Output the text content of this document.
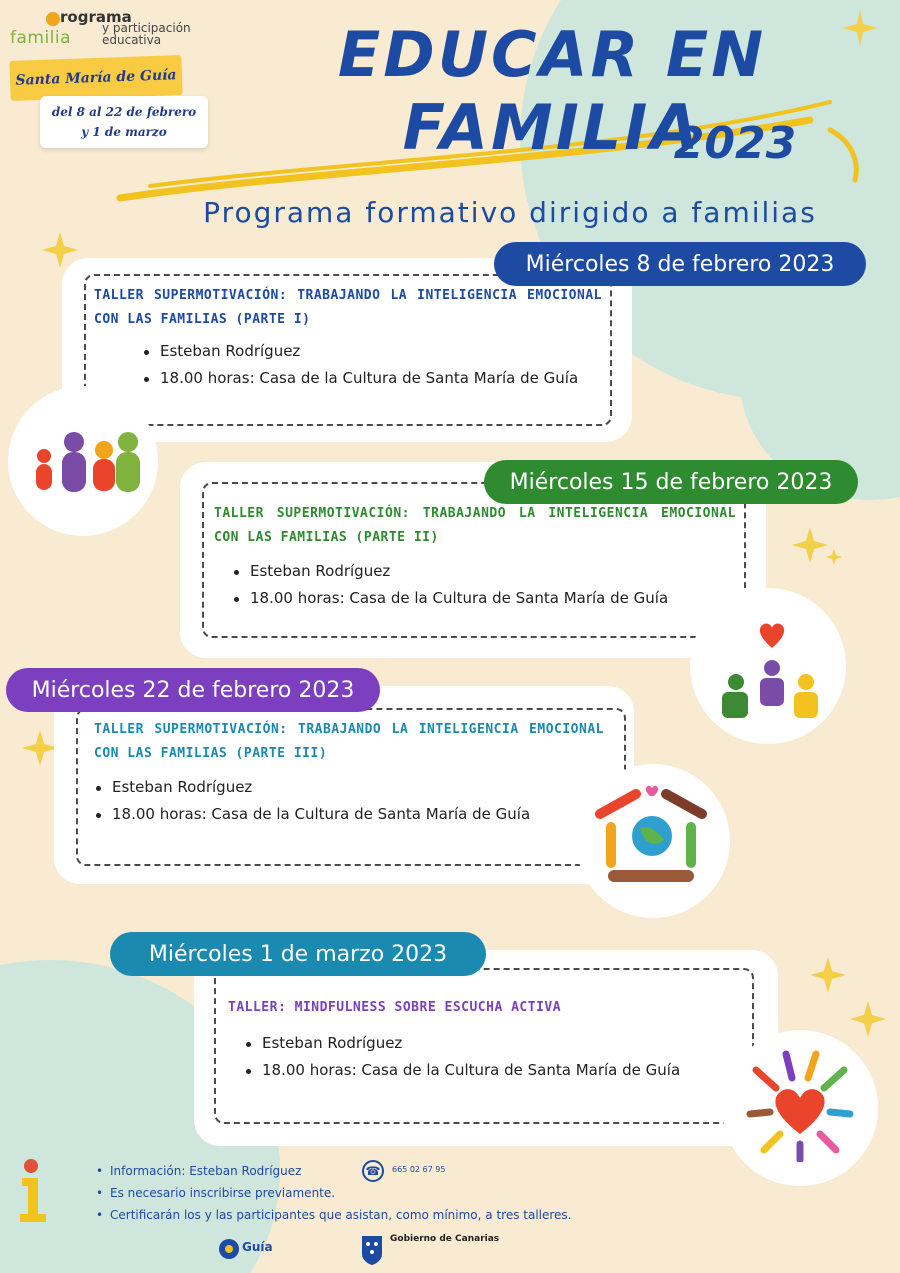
rograma
familia	y participación
educativa
Santa María de Guía
del 8 al 22 de febrero
y 1 de marzo
EDUCAR EN FAMILIA
2023
Programa formativo dirigido a familias
Miércoles 8 de febrero 2023
TALLER SUPERMOTIVACIÓN: TRABAJANDO LA INTELIGENCIA EMOCIONAL CON LAS FAMILIAS (PARTE I)
Esteban Rodríguez
18.00 horas: Casa de la Cultura de Santa María de Guía
Miércoles 15 de febrero 2023
TALLER SUPERMOTIVACIÓN: TRABAJANDO LA INTELIGENCIA EMOCIONAL CON LAS FAMILIAS (PARTE II)
Esteban Rodríguez
18.00 horas: Casa de la Cultura de Santa María de Guía
Miércoles 22 de febrero 2023
TALLER SUPERMOTIVACIÓN: TRABAJANDO LA INTELIGENCIA EMOCIONAL CON LAS FAMILIAS (PARTE III)
Esteban Rodríguez
18.00 horas: Casa de la Cultura de Santa María de Guía
Miércoles 1 de marzo 2023
TALLER: MINDFULNESS SOBRE ESCUCHA ACTIVA
Esteban Rodríguez
18.00 horas: Casa de la Cultura de Santa María de Guía
• Información: Esteban Rodríguez
• Es necesario inscribirse previamente.
• Certificarán los y las participantes que asistan, como mínimo, a tres talleres.
☎	665 02 67 95
Guía
Gobierno de Canarias
